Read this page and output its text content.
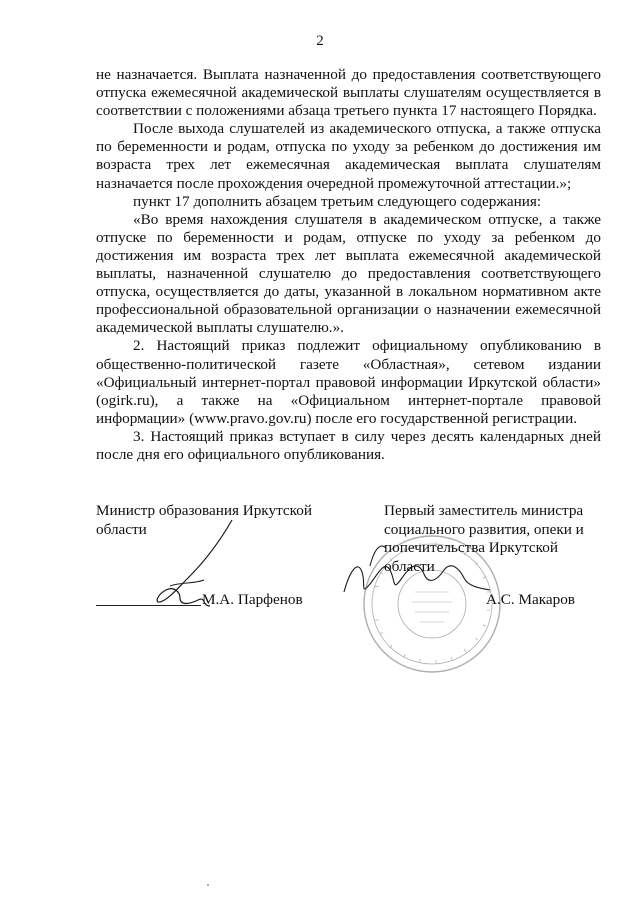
2

не назначается. Выплата назначенной до предоставления соответствующего отпуска ежемесячной академической выплаты слушателям осуществляется в соответствии с положениями абзаца третьего пункта 17 настоящего Порядка.

После выхода слушателей из академического отпуска, а также отпуска по беременности и родам, отпуска по уходу за ребенком до достижения им возраста трех лет ежемесячная академическая выплата слушателям назначается после прохождения очередной промежуточной аттестации.»;

пункт 17 дополнить абзацем третьим следующего содержания:

«Во время нахождения слушателя в академическом отпуске, а также отпуске по беременности и родам, отпуске по уходу за ребенком до достижения им возраста трех лет выплата ежемесячной академической выплаты, назначенной слушателю до предоставления соответствующего отпуска, осуществляется до даты, указанной в локальном нормативном акте профессиональной образовательной организации о назначении ежемесячной академической выплаты слушателю.».

2. Настоящий приказ подлежит официальному опубликованию в общественно-политической газете «Областная», сетевом издании «Официальный интернет-портал правовой информации Иркутской области» (ogirk.ru), а также на «Официальном интернет-портале правовой информации» (www.pravo.gov.ru) после его государственной регистрации.

3. Настоящий приказ вступает в силу через десять календарных дней после дня его официального опубликования.

Министр образования Иркутской
области
М.А. Парфенов
Первый заместитель министра
социального развития, опеки и
попечительства Иркутской
области
А.С. Макаров
